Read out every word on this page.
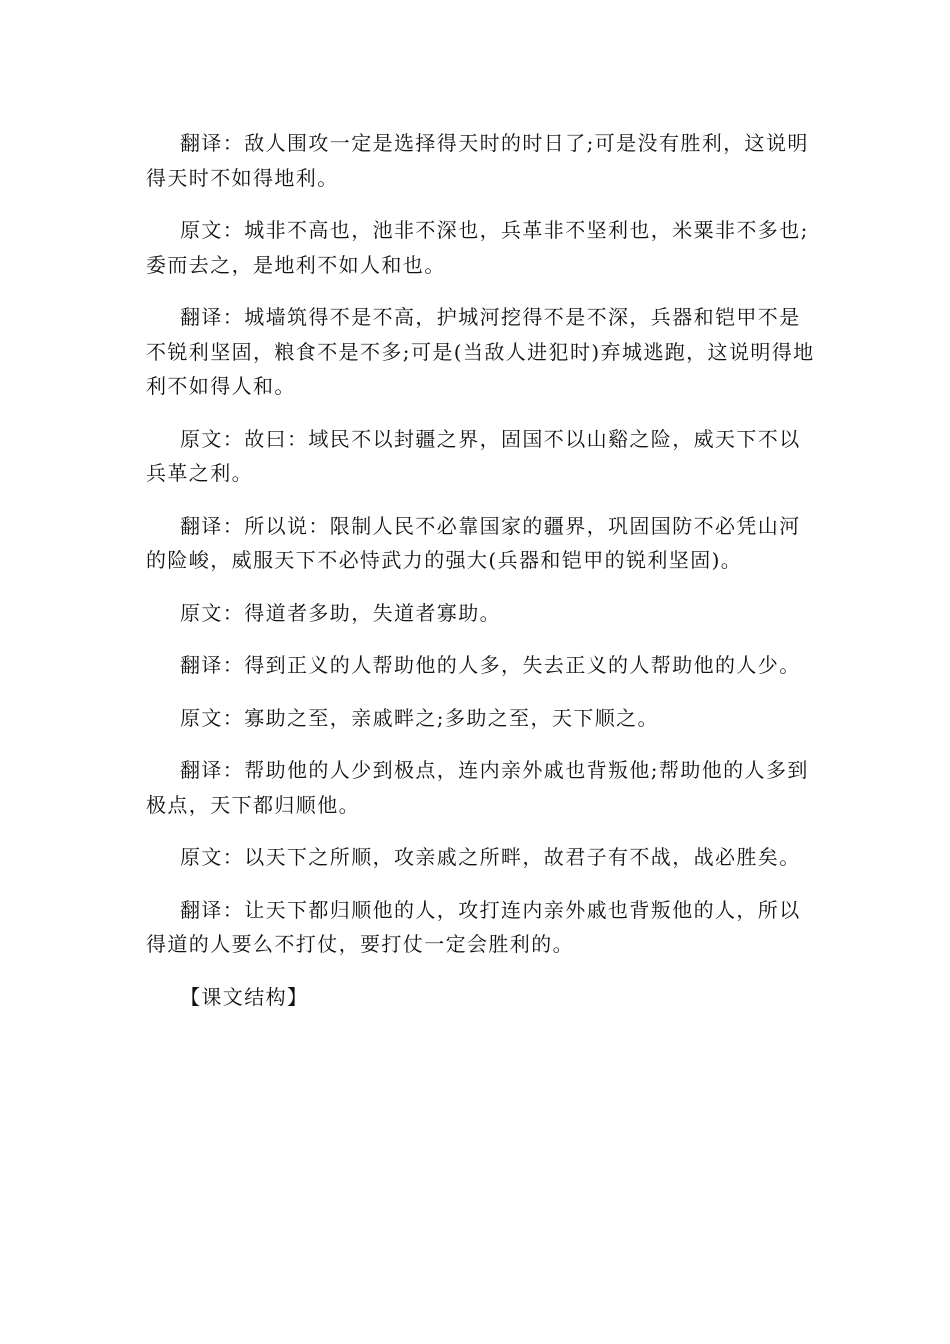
翻译：敌人围攻一定是选择得天时的时日了;可是没有胜利，这说明得天时不如得地利。

原文：城非不高也，池非不深也，兵革非不坚利也，米粟非不多也;委而去之，是地利不如人和也。

翻译：城墙筑得不是不高，护城河挖得不是不深，兵器和铠甲不是不锐利坚固，粮食不是不多;可是(当敌人进犯时)弃城逃跑，这说明得地利不如得人和。

原文：故曰：域民不以封疆之界，固国不以山谿之险，威天下不以兵革之利。

翻译：所以说：限制人民不必靠国家的疆界，巩固国防不必凭山河的险峻，威服天下不必恃武力的强大(兵器和铠甲的锐利坚固)。

原文：得道者多助，失道者寡助。

翻译：得到正义的人帮助他的人多，失去正义的人帮助他的人少。

原文：寡助之至，亲戚畔之;多助之至，天下顺之。

翻译：帮助他的人少到极点，连内亲外戚也背叛他;帮助他的人多到极点，天下都归顺他。

原文：以天下之所顺，攻亲戚之所畔，故君子有不战，战必胜矣。

翻译：让天下都归顺他的人，攻打连内亲外戚也背叛他的人，所以得道的人要么不打仗，要打仗一定会胜利的。

【课文结构】
